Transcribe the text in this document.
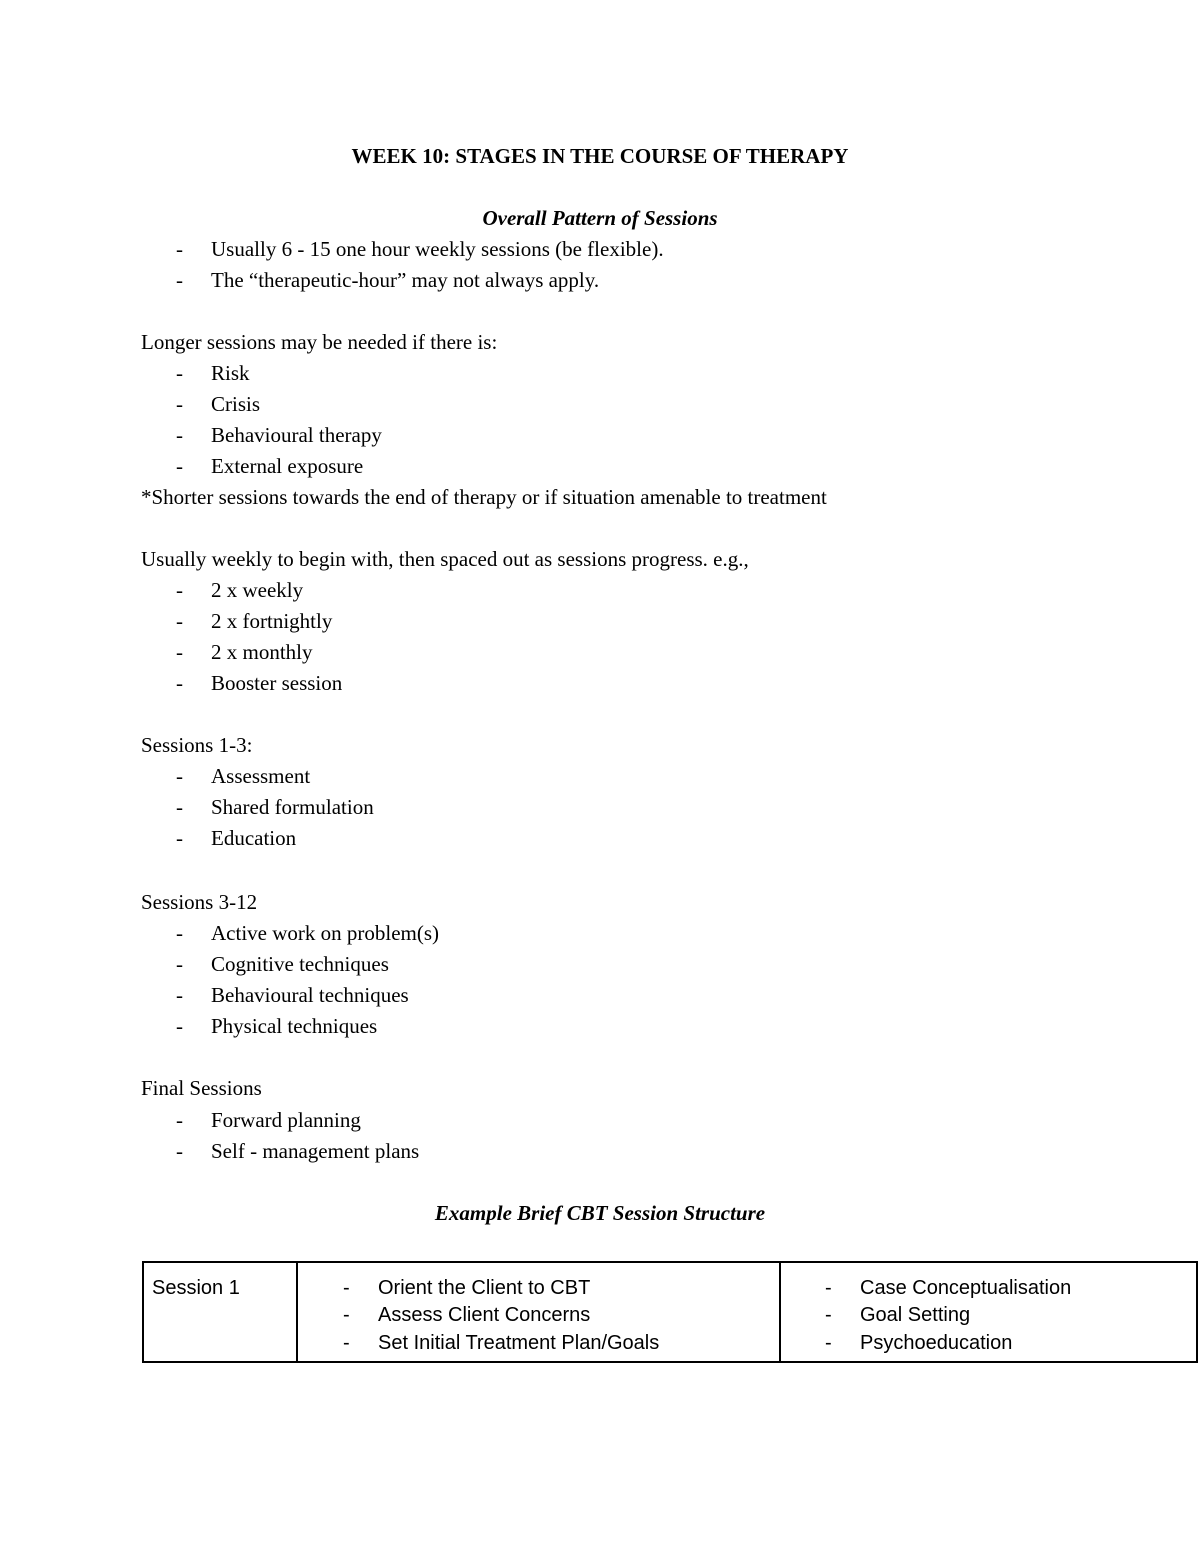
WEEK 10: STAGES IN THE COURSE OF THERAPY
Overall Pattern of Sessions
- Usually 6 - 15 one hour weekly sessions (be flexible).
- The “therapeutic-hour” may not always apply.
Longer sessions may be needed if there is:
- Risk
- Crisis
- Behavioural therapy
- External exposure
*Shorter sessions towards the end of therapy or if situation amenable to treatment
Usually weekly to begin with, then spaced out as sessions progress. e.g.,
- 2 x weekly
- 2 x fortnightly
- 2 x monthly
- Booster session
Sessions 1-3:
- Assessment
- Shared formulation
- Education
Sessions 3-12
- Active work on problem(s)
- Cognitive techniques
- Behavioural techniques
- Physical techniques
Final Sessions
- Forward planning
- Self - management plans
Example Brief CBT Session Structure
Session 1	- Orient the Client to CBT
- Assess Client Concerns
- Set Initial Treatment Plan/Goals
- Case Conceptualisation
- Goal Setting
- Psychoeducation
